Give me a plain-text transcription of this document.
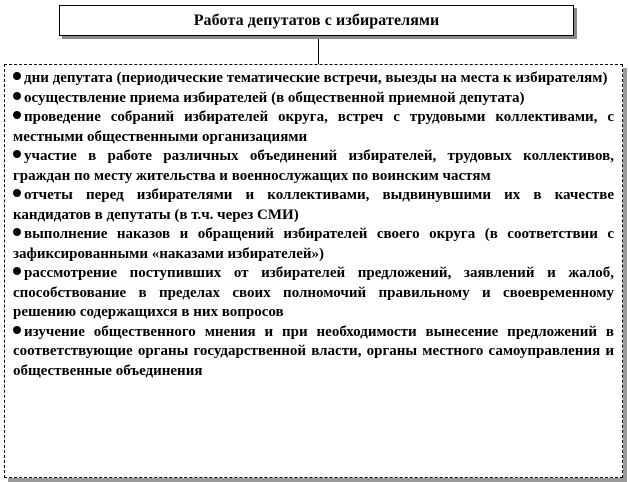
Работа депутатов с избирателями
дни депутата (периодические тематические встречи, выезды на места к избирателям)
осуществление приема избирателей (в общественной приемной депутата)
проведение собраний избирателей округа, встреч с трудовыми коллективами, с местными общественными организациями
участие в работе различных объединений избирателей, трудовых коллективов, граждан по месту жительства и военнослужащих по воинским частям
отчеты перед избирателями и коллективами, выдвинувшими их в качестве кандидатов в депутаты (в т.ч. через СМИ)
выполнение наказов и обращений избирателей своего округа (в соответствии с зафиксированными «наказами избирателей»)
рассмотрение поступивших от избирателей предложений, заявлений и жалоб, способствование в пределах своих полномочий правильному и своевременному решению содержащихся в них вопросов
изучение общественного мнения и при необходимости вынесение предложений в соответствующие органы государственной власти, органы местного самоуправления и общественные объединения
